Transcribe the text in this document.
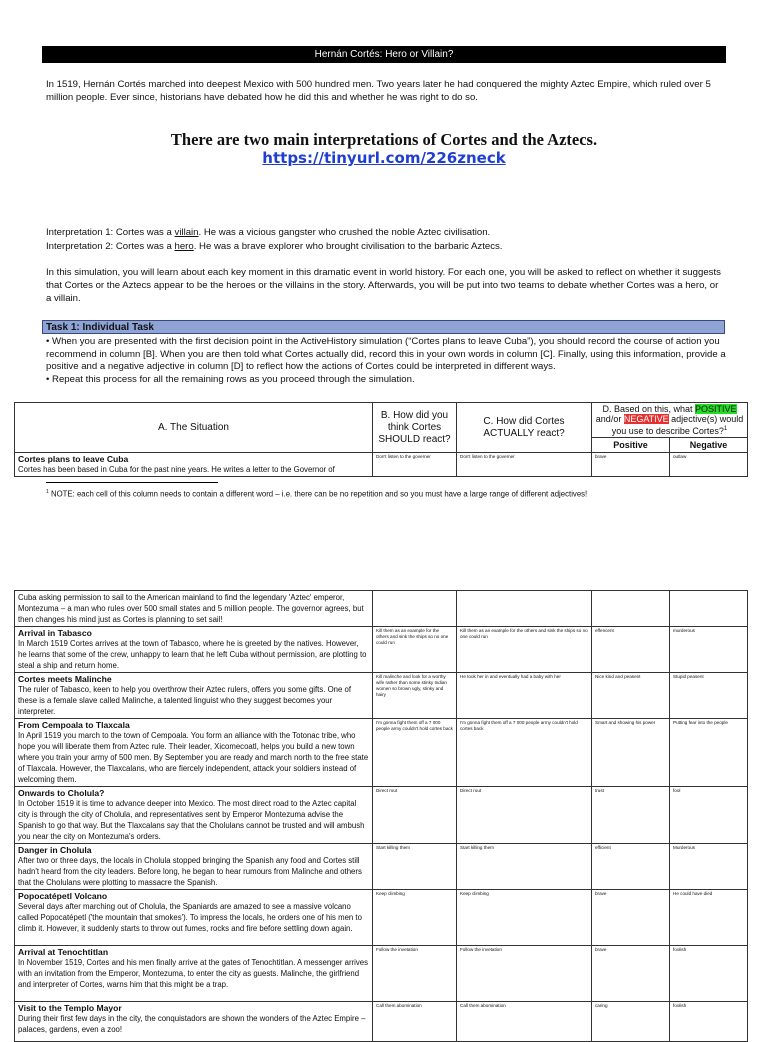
Hernán Cortés: Hero or Villain?
In 1519, Hernán Cortés marched into deepest Mexico with 500 hundred men. Two years later he had conquered the mighty Aztec Empire, which ruled over 5 million people. Ever since, historians have debated how he did this and whether he was right to do so.
There are two main interpretations of Cortes and the Aztecs.
https://tinyurl.com/226zneck
Interpretation 1: Cortes was a villain. He was a vicious gangster who crushed the noble Aztec civilisation.
Interpretation 2: Cortes was a hero. He was a brave explorer who brought civilisation to the barbaric Aztecs.
In this simulation, you will learn about each key moment in this dramatic event in world history. For each one, you will be asked to reflect on whether it suggests that Cortes or the Aztecs appear to be the heroes or the villains in the story. Afterwards, you will be put into two teams to debate whether Cortes was a hero, or a villain.
Task 1: Individual Task

• When you are presented with the first decision point in the ActiveHistory simulation (“Cortes plans to leave Cuba”), you should record the course of action you recommend in column [B]. When you are then told what Cortes actually did, record this in your own words in column [C]. Finally, using this information, provide a positive and a negative adjective in column [D] to reflect how the actions of Cortes could be interpreted in different ways.

• Repeat this process for all the remaining rows as you proceed through the simulation.

A. The Situation	B. How did you think Cortes SHOULD react?	C. How did Cortes ACTUALLY react?	D. Based on this, what POSITIVE and/or NEGATIVE adjective(s) would you use to describe Cortes?$^1$
			Positive	Negative

Cortes plans to leave Cuba
Cortes has been based in Cuba for the past nine years. He writes a letter to the Governor of	Don't listen to the governer	Don't listen to the governer	brave	outlaw
$^1$ NOTE: each cell of this column needs to contain a different word – i.e. there can be no repetition and so you must have a large range of different adjectives!
Cuba asking permission to sail to the American mainland to find the legendary 'Aztec' emperor, Montezuma – a man who rules over 500 small states and 5 million people. The governor agrees, but then changes his mind just as Cortes is planning to set sail!				

Arrival in Tabasco
In March 1519 Cortes arrives at the town of Tabasco, where he is greeted by the natives. However, he learns that some of the crew, unhappy to learn that he left Cuba without permission, are plotting to steal a ship and return home.	Kill them as an example for the others and sink the ships so no one could run	Kill them as an example for the others and sink the ships so no one could run	effencent	murderous

Cortes meets Malinche
The ruler of Tabasco, keen to help you overthrow their Aztec rulers, offers you some gifts. One of these is a female slave called Malinche, a talented linguist who they suggest becomes your interpreter.	Kill malinche and look for a worthy wife rather than some stinky Indian women so brown ugly, stinky and hairy	He took her in and eventually had a baby with her	Nice kind and peasent	Stupid peasent

From Cempoala to Tlaxcala
In April 1519 you march to the town of Cempoala. You form an alliance with the Totonac tribe, who hope you will liberate them from Aztec rule. Their leader, Xicomecoatl, helps you build a new town where you train your army of 500 men. By September you are ready and march north to the free state of Tlaxcala. However, the Tlaxcalans, who are fiercely independent, attack your soldiers instead of welcoming them.	I'm gonna fight them off a 7 000 people army couldn't hold cortes back	I'm gonna fight them off a 7 000 people army couldn't hold cortes back	Smart and showing his power	Putting fear into the people

Onwards to Cholula?
In October 1519 it is time to advance deeper into Mexico. The most direct road to the Aztec capital city is through the city of Cholula, and representatives sent by Emperor Montezuma advise the Spanish to go that way. But the Tlaxcalans say that the Cholulans cannot be trusted and will ambush you near the city on Montezuma's orders.	Direct rout	Direct rout	trust	fool

Danger in Cholula
After two or three days, the locals in Cholula stopped bringing the Spanish any food and Cortes still hadn't heard from the city leaders. Before long, he began to hear rumours from Malinche and others that the Cholulans were plotting to massacre the Spanish.	Start killing them	Start killing them	efficient	Murderous

Popocatépetl Volcano
Several days after marching out of Cholula, the Spaniards are amazed to see a massive volcano called Popocatépetl ('the mountain that smokes'). To impress the locals, he orders one of his men to climb it. However, it suddenly starts to throw out fumes, rocks and fire before settling down again.	Keep climbing	Keep climbing	brave	He could have died

Arrival at Tenochtitlan
In November 1519, Cortes and his men finally arrive at the gates of Tenochtitlan. A messenger arrives with an invitation from the Emperor, Montezuma, to enter the city as guests. Malinche, the girlfriend and interpreter of Cortes, warns him that this might be a trap.	Follow the invetation	Follow the invetation	brave	foolish

Visit to the Templo Mayor
During their first few days in the city, the conquistadors are shown the wonders of the Aztec Empire – palaces, gardens, even a zoo!	Call them abomination	Call them abomination	caring	foolish
